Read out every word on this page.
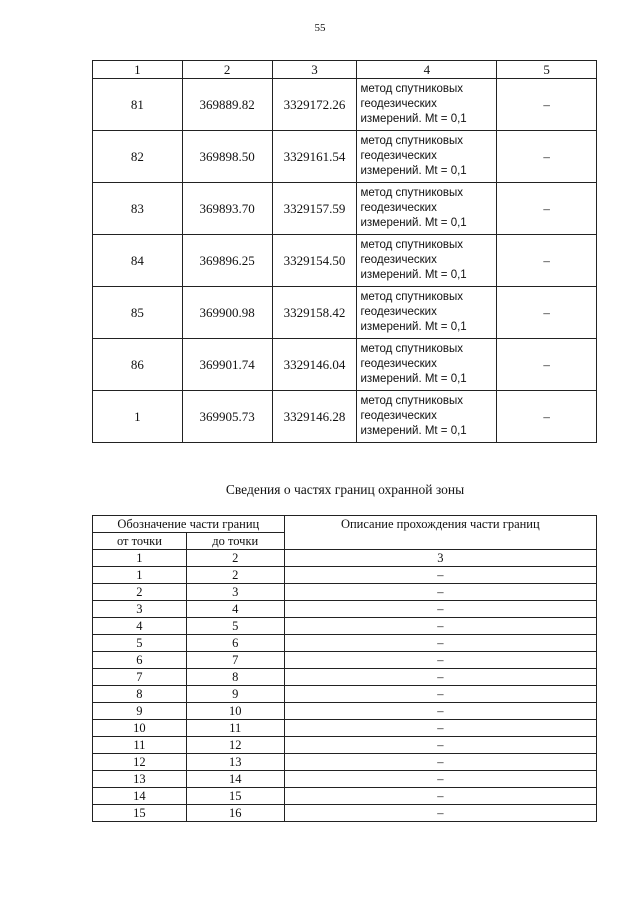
55
1	2	3	4	5
81	369889.82	3329172.26	метод спутниковых
геодезических
измерений. Mt = 0,1	–
82	369898.50	3329161.54	метод спутниковых
геодезических
измерений. Mt = 0,1	–
83	369893.70	3329157.59	метод спутниковых
геодезических
измерений. Mt = 0,1	–
84	369896.25	3329154.50	метод спутниковых
геодезических
измерений. Mt = 0,1	–
85	369900.98	3329158.42	метод спутниковых
геодезических
измерений. Mt = 0,1	–
86	369901.74	3329146.04	метод спутниковых
геодезических
измерений. Mt = 0,1	–
1	369905.73	3329146.28	метод спутниковых
геодезических
измерений. Mt = 0,1	–
Сведения о частях границ охранной зоны
Обозначение части границ		Описание прохождения части границ
от точки	до точки	
1	2	3
1	2	–
2	3	–
3	4	–
4	5	–
5	6	–
6	7	–
7	8	–
8	9	–
9	10	–
10	11	–
11	12	–
12	13	–
13	14	–
14	15	–
15	16	–
